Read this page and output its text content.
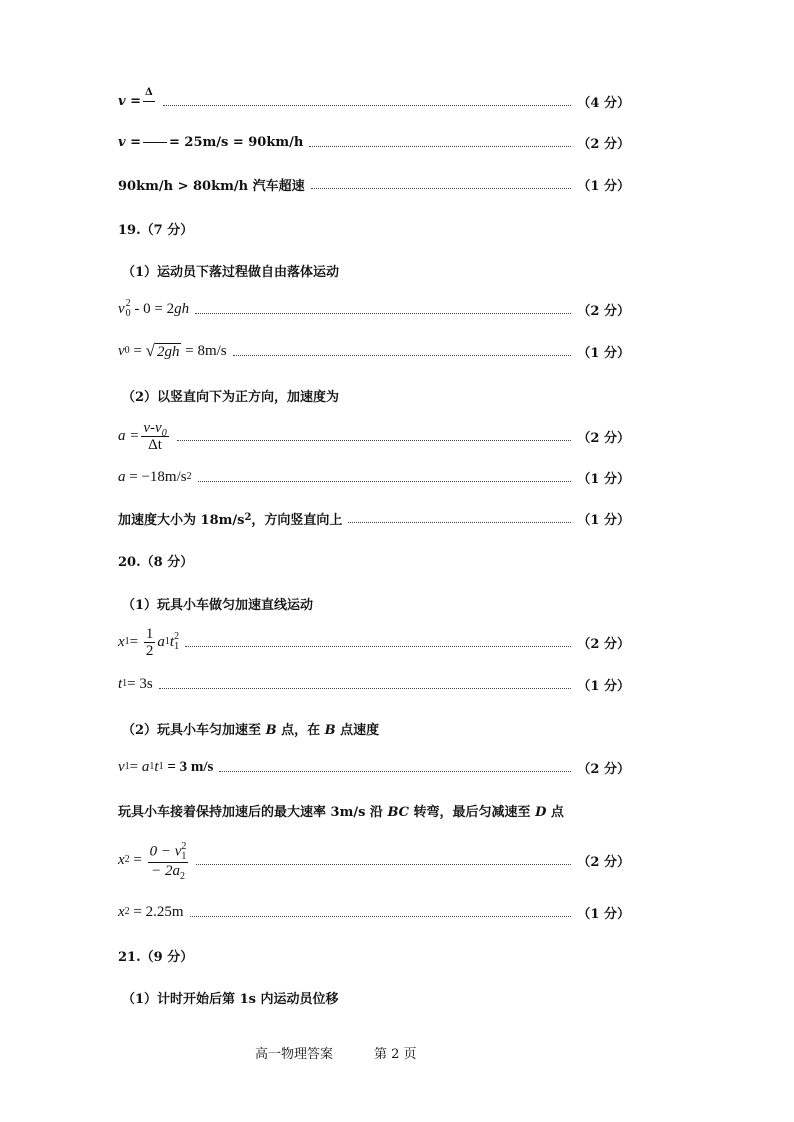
v =
Δ

（4 分）
v =

= 25m/s = 90km/h	（2 分）
90km/h > 80km/h 汽车超速	（1 分）
19.（7 分）
（1）运动员下落过程做自由落体运动
v 2
0 - 0 = 2 g h	（2 分）
v 0 = √ 2gh = 8m/s	（1 分）
（2）以竖直向下为正方向，加速度为
$a = \frac{v-v_0}{\Delta t}$	（2 分）
a = −18m/s 2	（1 分）
加速度大小为 18m/s 2 ，方向竖直向上	（1 分）
20.（8 分）
（1）玩具小车做匀加速直线运动
x $1 = \frac{1}{2}$ a 1 t 2
1	（2 分）
t 1 = 3s	（1 分）
（2）玩具小车匀加速至 B 点，在 B 点速度
v 1 = a 1 t 1 = 3 m/s	（2 分）
玩具小车接着保持加速后的最大速率 3m/s 沿 BC 转弯，最后匀减速至 D 点
x 2 = 0 − v 2
1
− $2a_2$	（2 分）
x 2 = 2.25m	（1 分）
21.（9 分）
（1）计时开始后第 1s 内运动员位移
高一物理答案	第 2 页
